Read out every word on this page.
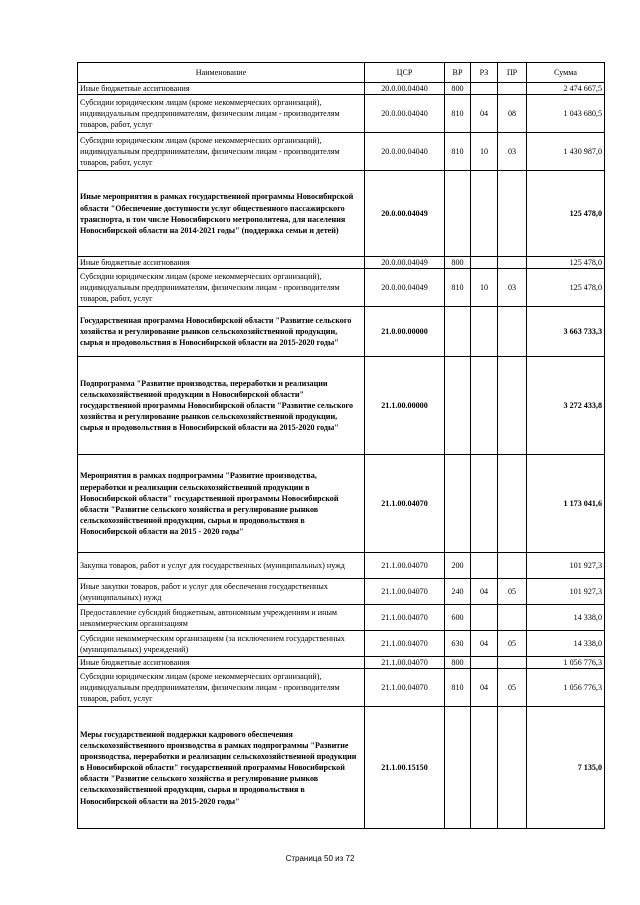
Наименование	ЦСР	ВР	РЗ	ПР	Сумма
Иные бюджетные ассигнования	20.0.00.04040	800			2 474 667,5
Субсидии юридическим лицам (кроме некоммерческих организаций), индивидуальным предпринимателям, физическим лицам - производителям товаров, работ, услуг	20.0.00.04040	810	04	08	1 043 680,5
Субсидии юридическим лицам (кроме некоммерческих организаций), индивидуальным предпринимателям, физическим лицам - производителям товаров, работ, услуг	20.0.00.04040	810	10	03	1 430 987,0
Иные мероприятия в рамках государственной программы Новосибирской области "Обеспечение доступности услуг общественного пассажирского транспорта, в том числе Новосибирского метрополитена, для населения Новосибирской области на 2014-2021 годы" (поддержка семьи и детей)	20.0.00.04049				125 478,0
Иные бюджетные ассигнования	20.0.00.04049	800			125 478,0
Субсидии юридическим лицам (кроме некоммерческих организаций), индивидуальным предпринимателям, физическим лицам - производителям товаров, работ, услуг	20.0.00.04049	810	10	03	125 478,0
Государственная программа Новосибирской области "Развитие сельского хозяйства и регулирование рынков сельскохозяйственной продукции, сырья и продовольствия в Новосибирской области на 2015-2020 годы"	21.0.00.00000				3 663 733,3
Подпрограмма "Развитие производства, переработки и реализации сельскохозяйственной продукции в Новосибирской области" государственной программы Новосибирской области "Развитие сельского хозяйства и регулирование рынков сельскохозяйственной продукции, сырья и продовольствия в Новосибирской области на 2015-2020 годы"	21.1.00.00000				3 272 433,8
Мероприятия в рамках подпрограммы "Развитие производства, переработки и реализации сельскохозяйственной продукции в Новосибирской области" государственной программы Новосибирской области "Развитие сельского хозяйства и регулирование рынков сельскохозяйственной продукции, сырья и продовольствия в Новосибирской области на 2015 - 2020 годы"	21.1.00.04070				1 173 041,6
Закупка товаров, работ и услуг для государственных (муниципальных) нужд	21.1.00.04070	200			101 927,3
Иные закупки товаров, работ и услуг для обеспечения государственных (муниципальных) нужд	21.1.00.04070	240	04	05	101 927,3
Предоставление субсидий бюджетным, автономным учреждениям и иным некоммерческим организациям	21.1.00.04070	600			14 338,0
Субсидии некоммерческим организациям (за исключением государственных (муниципальных) учреждений)	21.1.00.04070	630	04	05	14 338,0
Иные бюджетные ассигнования	21.1.00.04070	800			1 056 776,3
Субсидии юридическим лицам (кроме некоммерческих организаций), индивидуальным предпринимателям, физическим лицам - производителям товаров, работ, услуг	21.1.00.04070	810	04	05	1 056 776,3
Меры государственной поддержки кадрового обеспечения сельскохозяйственного производства в рамках подпрограммы "Развитие производства, переработки и реализации сельскохозяйственной продукции в Новосибирской области" государственной программы Новосибирской области "Развитие сельского хозяйства и регулирование рынков сельскохозяйственной продукции, сырья и продовольствия в Новосибирской области на 2015-2020 годы"	21.1.00.15150				7 135,0
Страница 50 из 72
